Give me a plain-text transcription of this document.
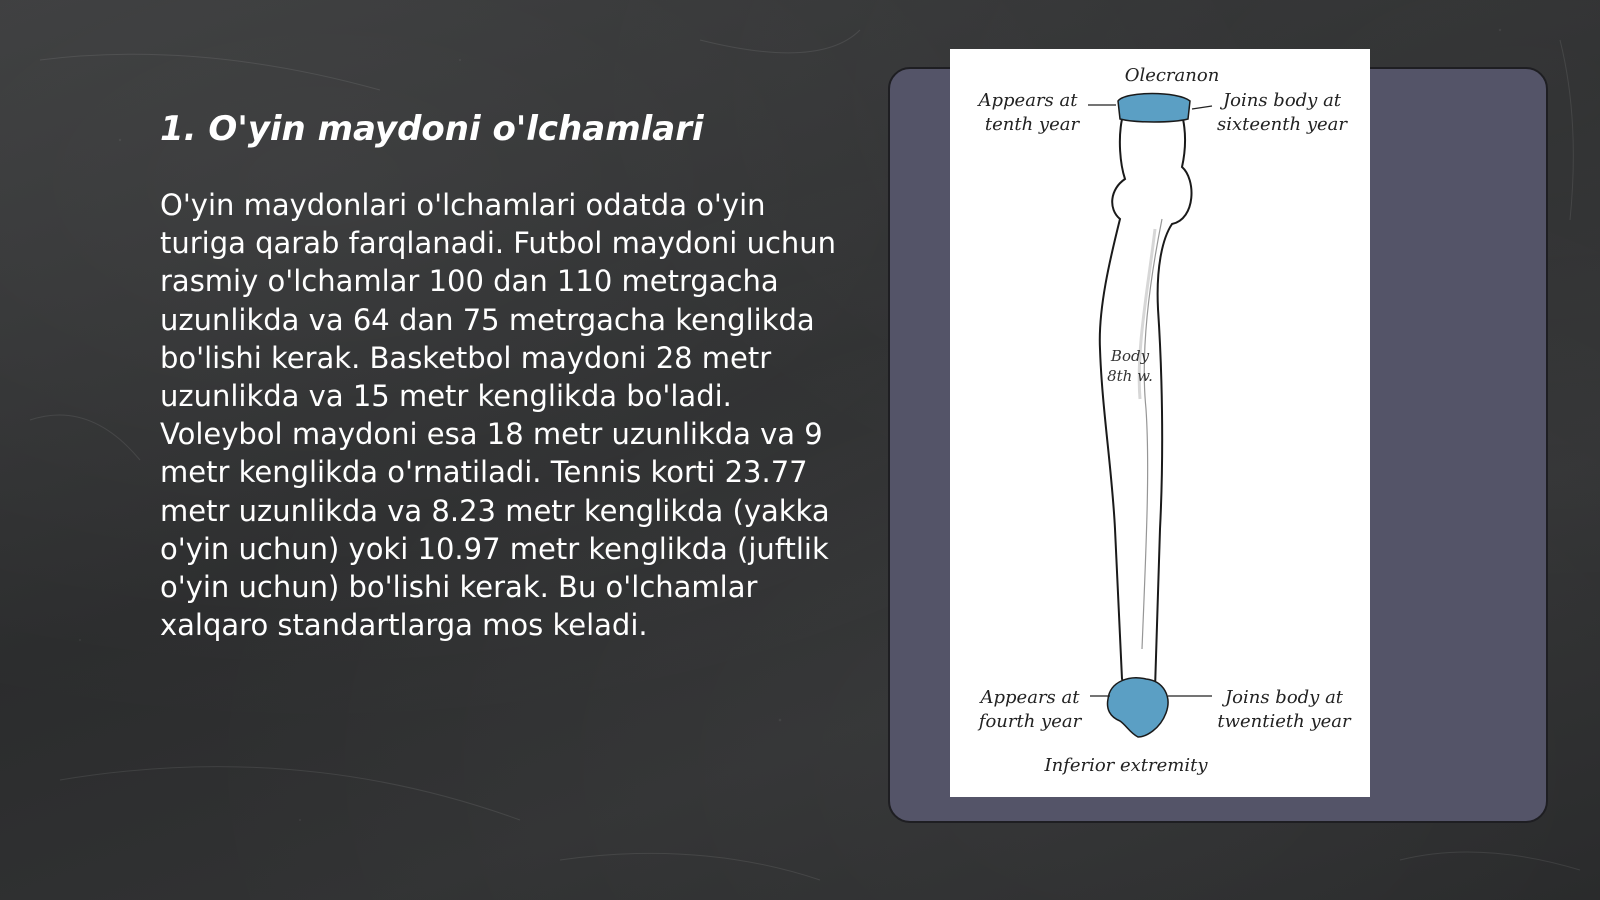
1. O'yin maydoni o'lchamlari

O'yin maydonlari o'lchamlari odatda o'yin turiga qarab farqlanadi. Futbol maydoni uchun rasmiy o'lchamlar 100 dan 110 metrgacha uzunlikda va 64 dan 75 metrgacha kenglikda bo'lishi kerak. Basketbol maydoni 28 metr uzunlikda va 15 metr kenglikda bo'ladi. Voleybol maydoni esa 18 metr uzunlikda va 9 metr kenglikda o'rnatiladi. Tennis korti 23.77 metr uzunlikda va 8.23 metr kenglikda (yakka o'yin uchun) yoki 10.97 metr kenglikda (juftlik o'yin uchun) bo'lishi kerak. Bu o'lchamlar xalqaro standartlarga mos keladi.

Olecranon
Appears at
tenth year
Joins body at
sixteenth year
Body
8th w.
Appears at
fourth year
Joins body at
twentieth year
Inferior extremity
